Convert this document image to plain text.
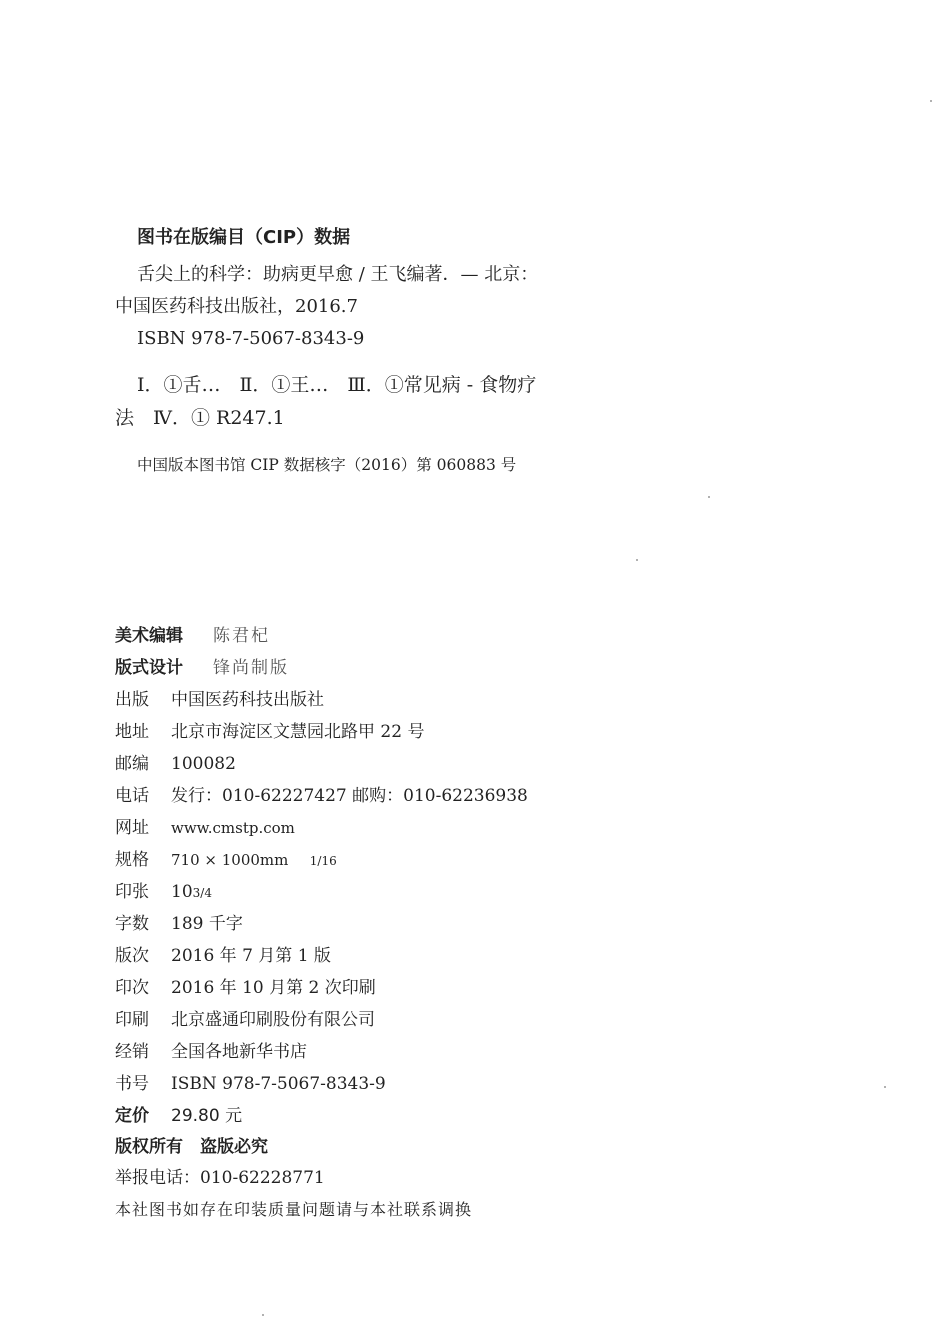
图书在版编目（CIP）数据
舌尖上的科学：助病更早愈 / 王飞编著．— 北京：
中国医药科技出版社，2016.7
ISBN 978-7-5067-8343-9
Ⅰ．①舌…　Ⅱ．①王…　Ⅲ．①常见病 - 食物疗
法　Ⅳ．① R247.1
中国版本图书馆 CIP 数据核字（2016）第 060883 号
美术编辑 陈君杞
版式设计 锋尚制版
出版 中国医药科技出版社
地址 北京市海淀区文慧园北路甲 22 号
邮编 100082
电话 发行：010-62227427 邮购：010-62236938
网址 www.cmstp.com
规格 710 × 1000mm 1/16
印张 103/4
字数 189 千字
版次 2016 年 7 月第 1 版
印次 2016 年 10 月第 2 次印刷
印刷 北京盛通印刷股份有限公司
经销 全国各地新华书店
书号 ISBN 978-7-5067-8343-9
定价 29.80 元
版权所有　盗版必究
举报电话：010-62228771
本社图书如存在印装质量问题请与本社联系调换
